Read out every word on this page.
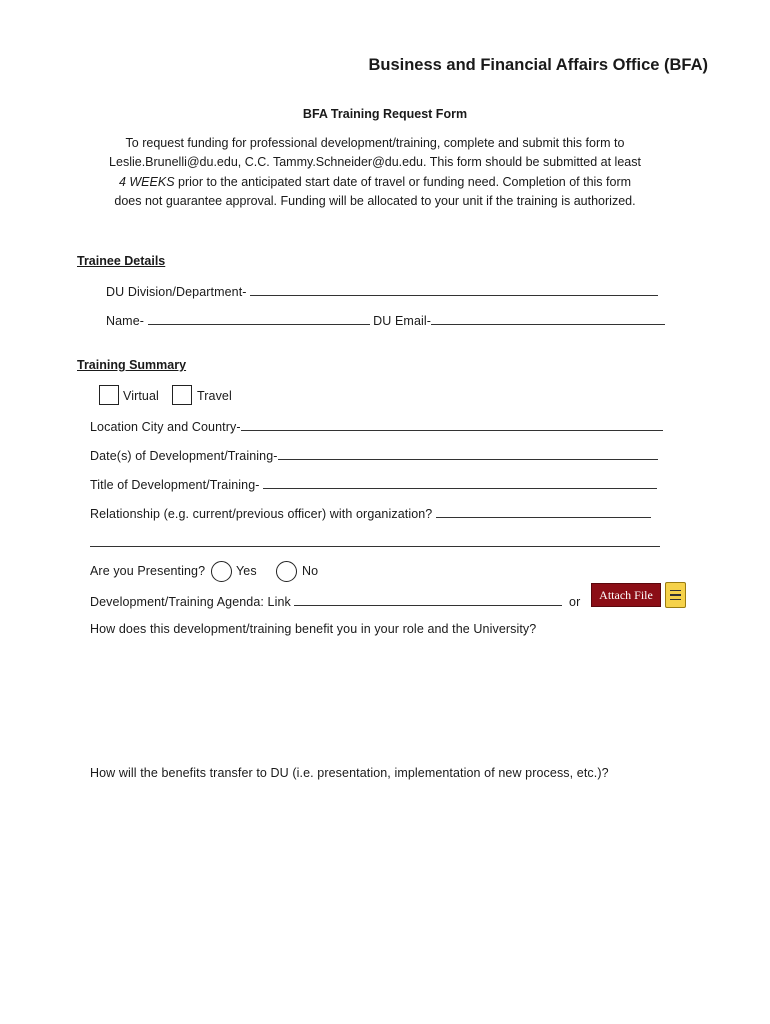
Business and Financial Affairs Office (BFA)
BFA Training Request Form
To request funding for professional development/training, complete and submit this form to
Leslie.Brunelli@du.edu, C.C. Tammy.Schneider@du.edu. This form should be submitted at least
4 WEEKS prior to the anticipated start date of travel or funding need. Completion of this form
does not guarantee approval. Funding will be allocated to your unit if the training is authorized.
Trainee Details
DU Division/Department-
Name-	DU Email-
Training Summary
Virtual	Travel
Location City and Country-
Date(s) of Development/Training-
Title of Development/Training-
Relationship (e.g. current/previous officer) with organization?
Are you Presenting? Yes	No
Development/Training Agenda: Link	or
Attach File
How does this development/training benefit you in your role and the University?
How will the benefits transfer to DU (i.e. presentation, implementation of new process, etc.)?
